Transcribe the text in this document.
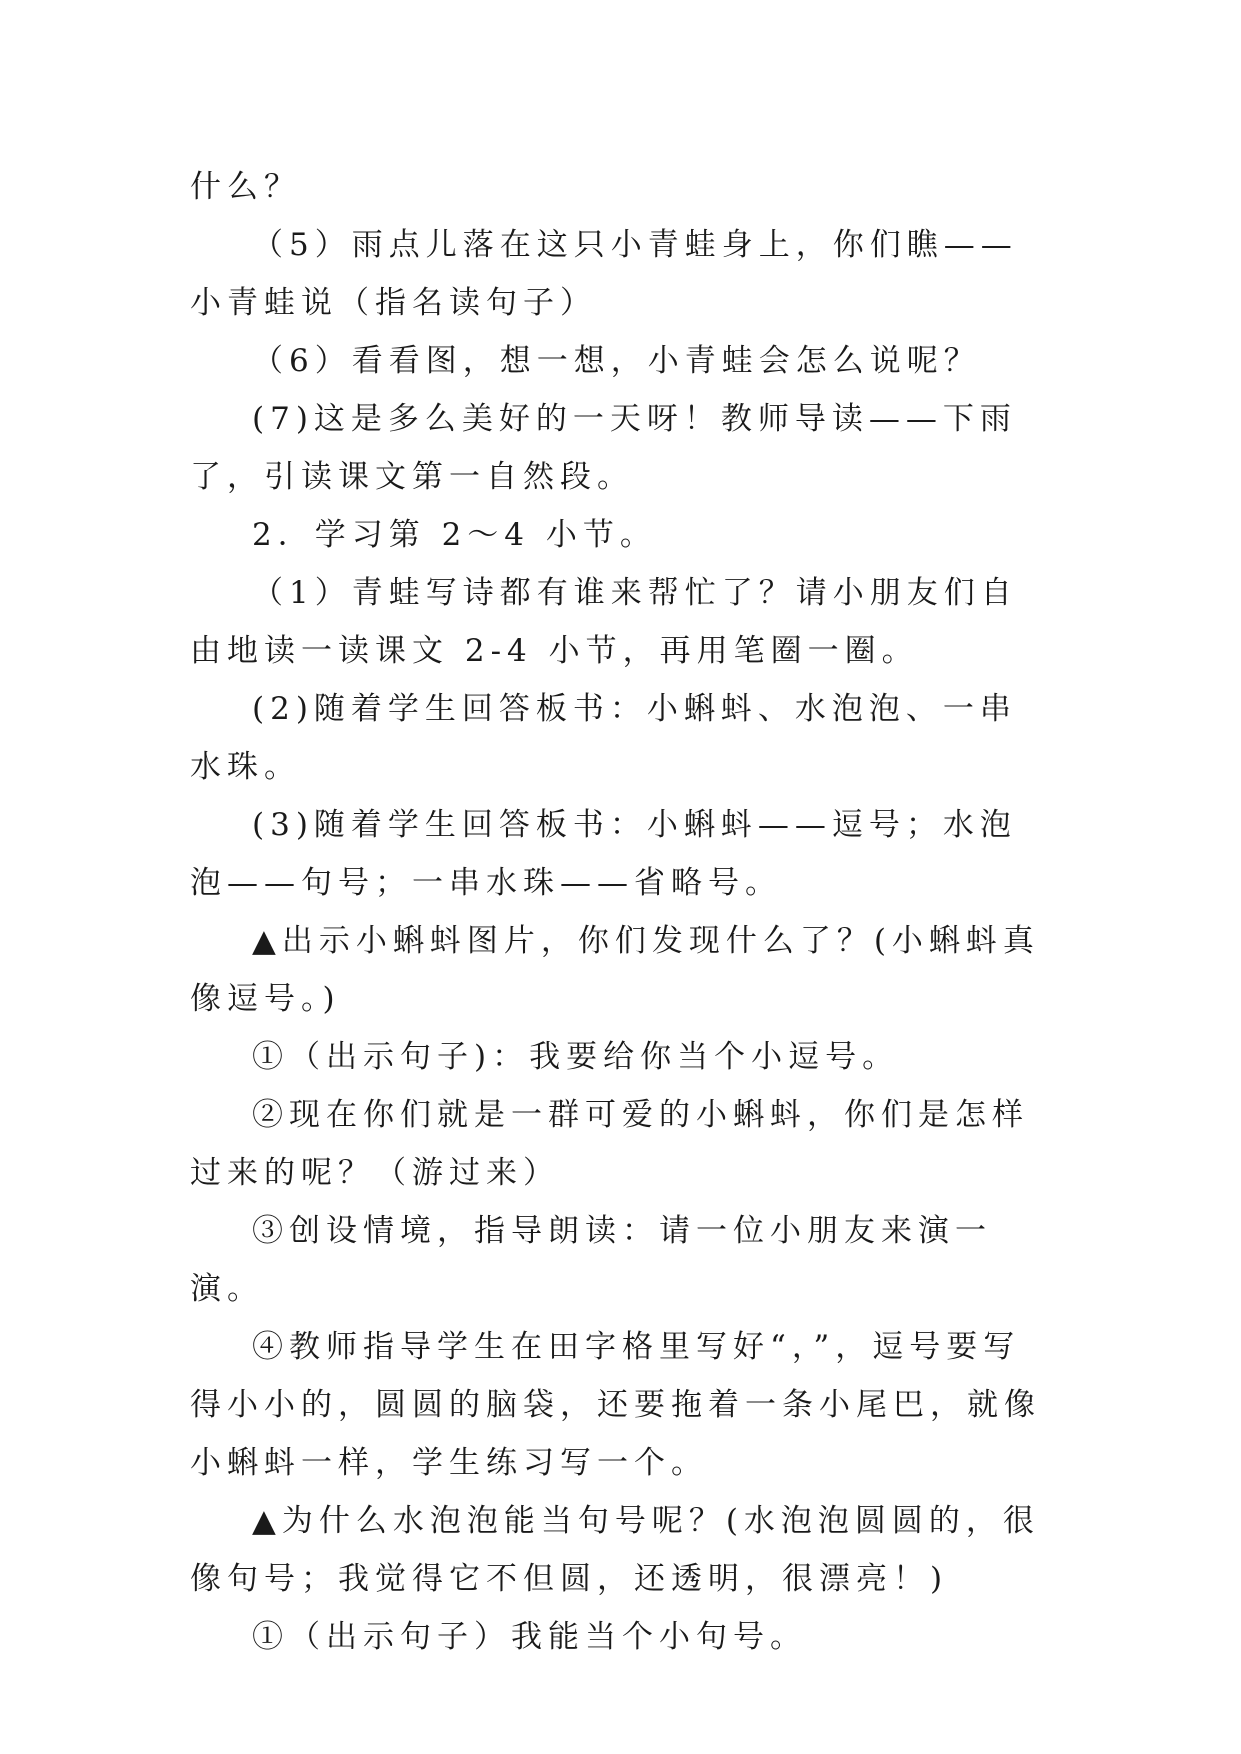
什么？

（5）雨点儿落在这只小青蛙身上，你们瞧——小青蛙说（指名读句子）

（6）看看图，想一想，小青蛙会怎么说呢？

(7)这是多么美好的一天呀！教师导读——下雨了，引读课文第一自然段。

2．学习第 2～4 小节。

（1）青蛙写诗都有谁来帮忙了？请小朋友们自由地读一读课文 2-4 小节，再用笔圈一圈。

(2)随着学生回答板书：小蝌蚪、水泡泡、一串水珠。

(3)随着学生回答板书：小蝌蚪——逗号；水泡泡——句号；一串水珠——省略号。

▲出示小蝌蚪图片，你们发现什么了？(小蝌蚪真像逗号。)

①（出示句子)：我要给你当个小逗号。

②现在你们就是一群可爱的小蝌蚪，你们是怎样过来的呢？（游过来）

③创设情境，指导朗读：请一位小朋友来演一演。

④教师指导学生在田字格里写好“，”，逗号要写得小小的，圆圆的脑袋，还要拖着一条小尾巴，就像小蝌蚪一样，学生练习写一个。

▲为什么水泡泡能当句号呢？(水泡泡圆圆的，很像句号；我觉得它不但圆，还透明，很漂亮！)

①（出示句子）我能当个小句号。
